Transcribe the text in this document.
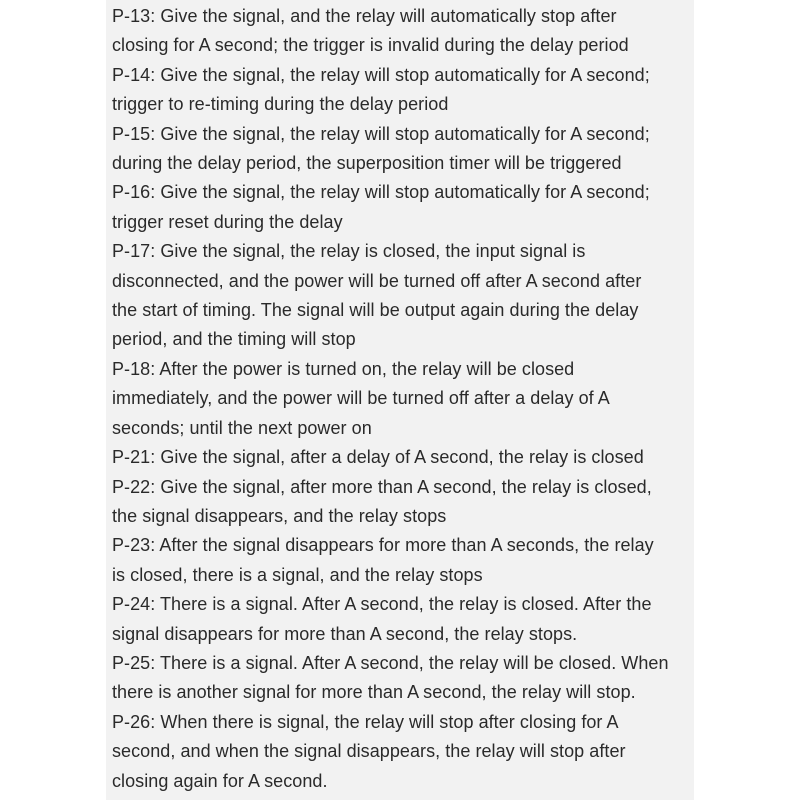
P-13: Give the signal, and the relay will automatically stop after
closing for A second; the trigger is invalid during the delay period
P-14: Give the signal, the relay will stop automatically for A second;
trigger to re-timing during the delay period
P-15: Give the signal, the relay will stop automatically for A second;
during the delay period, the superposition timer will be triggered
P-16: Give the signal, the relay will stop automatically for A second;
trigger reset during the delay
P-17: Give the signal, the relay is closed, the input signal is
disconnected, and the power will be turned off after A second after
the start of timing. The signal will be output again during the delay
period, and the timing will stop
P-18: After the power is turned on, the relay will be closed
immediately, and the power will be turned off after a delay of A
seconds; until the next power on
P-21: Give the signal, after a delay of A second, the relay is closed
P-22: Give the signal, after more than A second, the relay is closed,
the signal disappears, and the relay stops
P-23: After the signal disappears for more than A seconds, the relay
is closed, there is a signal, and the relay stops
P-24: There is a signal. After A second, the relay is closed. After the
signal disappears for more than A second, the relay stops.
P-25: There is a signal. After A second, the relay will be closed. When
there is another signal for more than A second, the relay will stop.
P-26: When there is signal, the relay will stop after closing for A
second, and when the signal disappears, the relay will stop after
closing again for A second.
